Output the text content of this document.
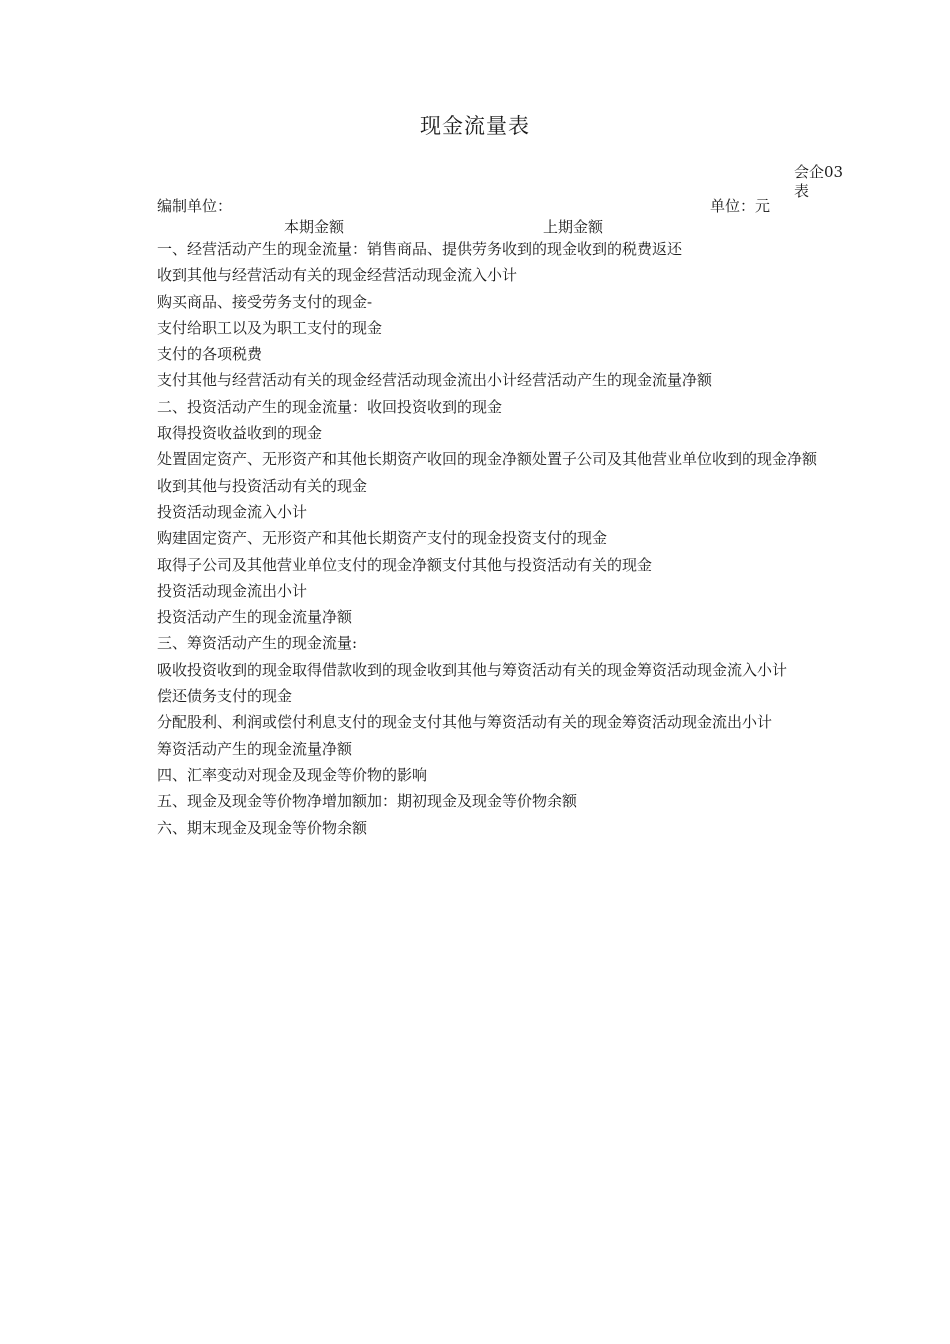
现金流量表
会企03表
编制单位：	单位：元
本期金额	上期金额

一、经营活动产生的现金流量：销售商品、提供劳务收到的现金收到的税费返还

收到其他与经营活动有关的现金经营活动现金流入小计

购买商品、接受劳务支付的现金-

支付给职工以及为职工支付的现金

支付的各项税费

支付其他与经营活动有关的现金经营活动现金流出小计经营活动产生的现金流量净额

二、投资活动产生的现金流量：收回投资收到的现金

取得投资收益收到的现金

处置固定资产、无形资产和其他长期资产收回的现金净额处置子公司及其他营业单位收到的现金净额

收到其他与投资活动有关的现金

投资活动现金流入小计

购建固定资产、无形资产和其他长期资产支付的现金投资支付的现金

取得子公司及其他营业单位支付的现金净额支付其他与投资活动有关的现金

投资活动现金流出小计

投资活动产生的现金流量净额

三、筹资活动产生的现金流量:

吸收投资收到的现金取得借款收到的现金收到其他与筹资活动有关的现金筹资活动现金流入小计

偿还债务支付的现金

分配股利、利润或偿付利息支付的现金支付其他与筹资活动有关的现金筹资活动现金流出小计

筹资活动产生的现金流量净额

四、汇率变动对现金及现金等价物的影响

五、现金及现金等价物净增加额加：期初现金及现金等价物余额

六、期末现金及现金等价物余额
